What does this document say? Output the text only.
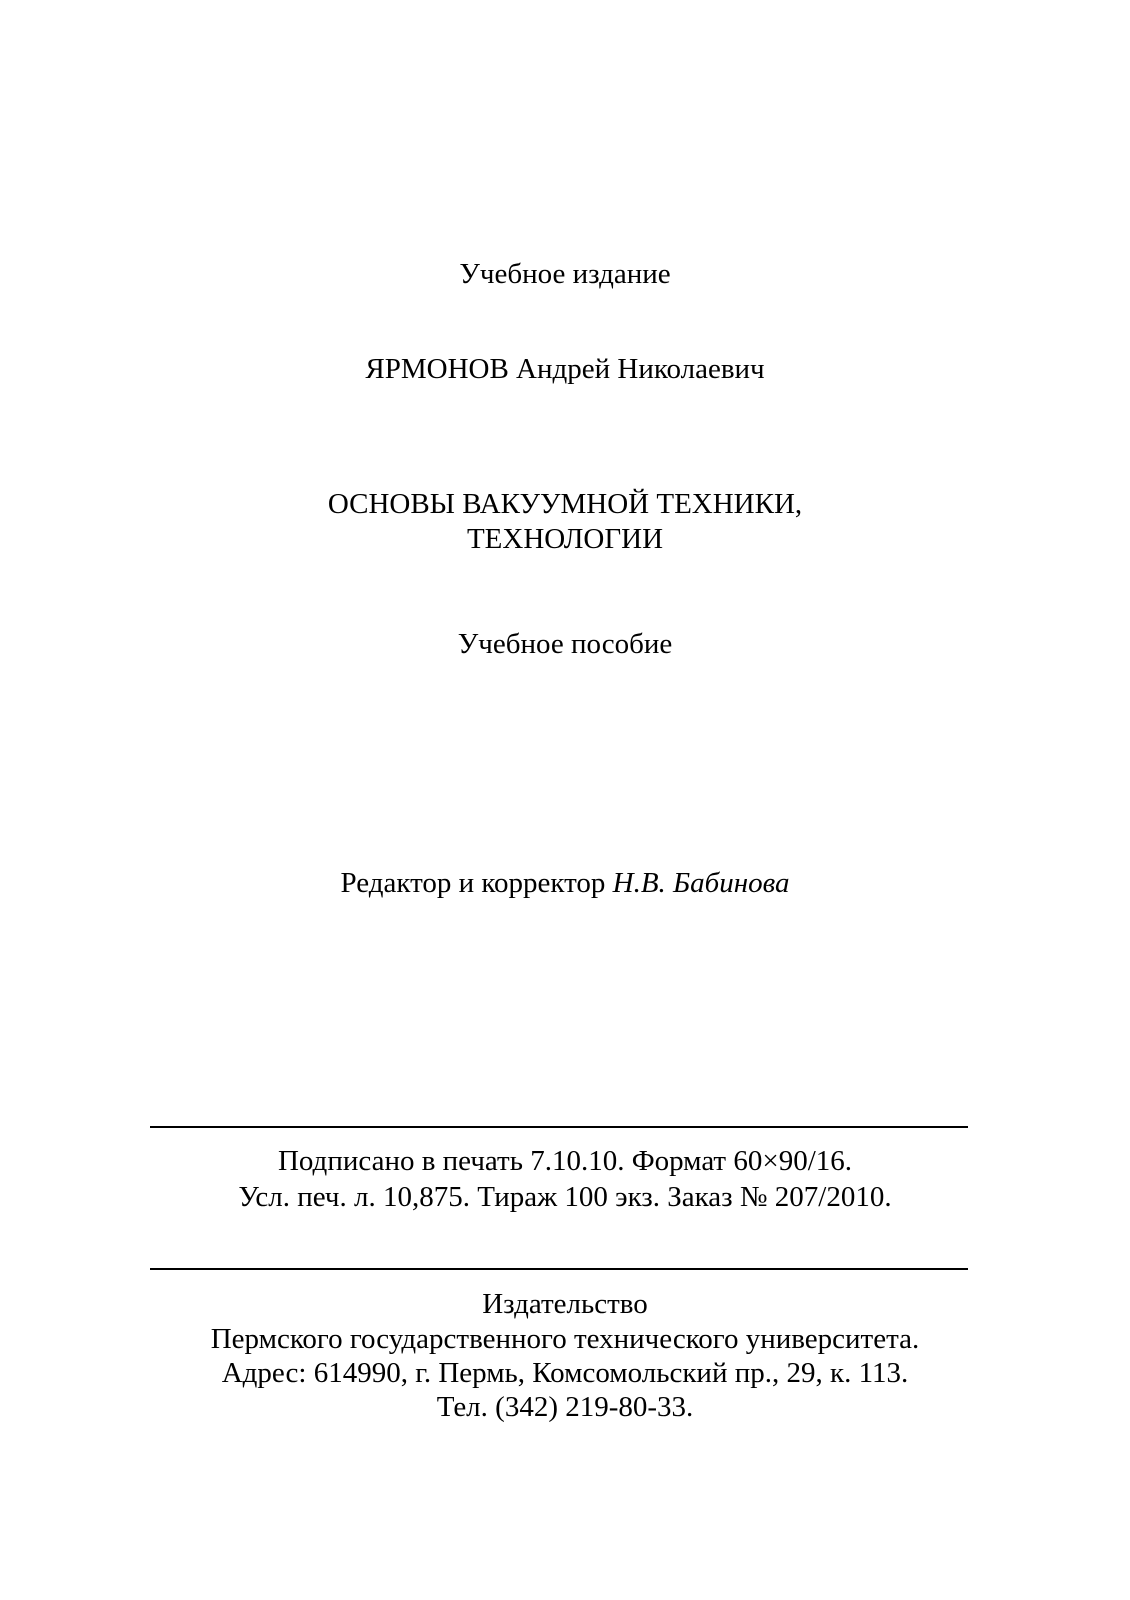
Учебное издание
ЯРМОНОВ Андрей Николаевич
ОСНОВЫ ВАКУУМНОЙ ТЕХНИКИ,
ТЕХНОЛОГИИ
Учебное пособие
Редактор и корректор Н.В. Бабинова
Подписано в печать 7.10.10. Формат 60×90/16.
Усл. печ. л. 10,875. Тираж 100 экз. Заказ № 207/2010.
Издательство
Пермского государственного технического университета.
Адрес: 614990, г. Пермь, Комсомольский пр., 29, к. 113.
Тел. (342) 219-80-33.
